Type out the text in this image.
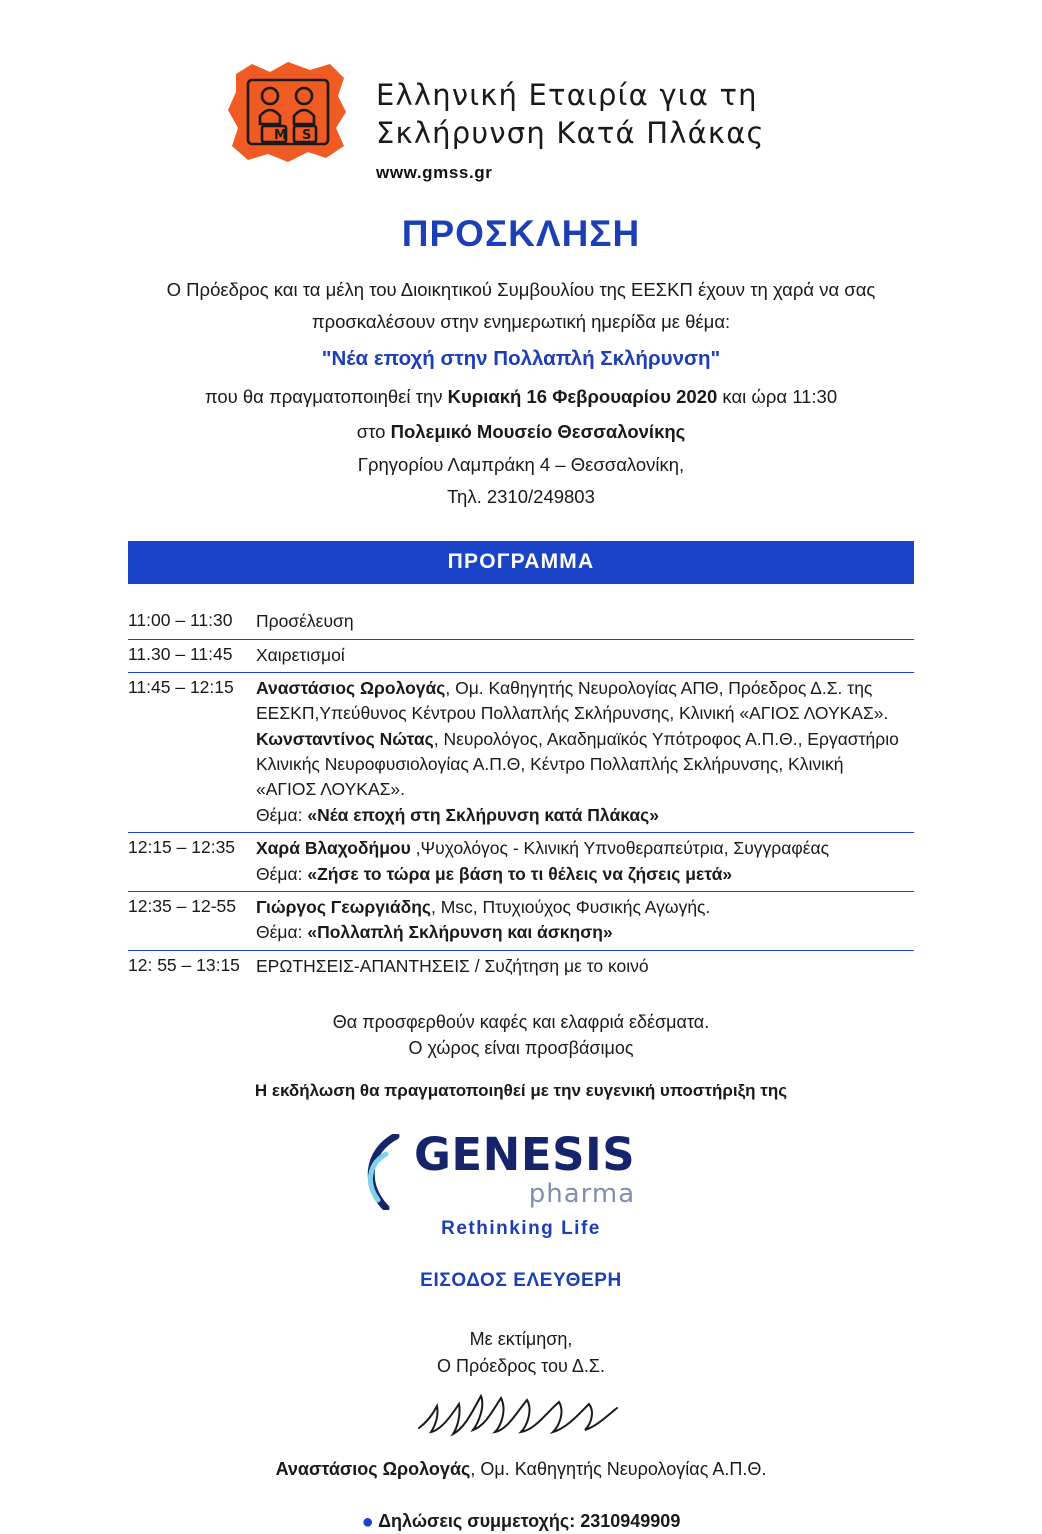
M S
Ελληνική Εταιρία για τη
Σκλήρυνση Κατά Πλάκας
www.gmss.gr
ΠΡΟΣΚΛΗΣΗ

Ο Πρόεδρος και τα μέλη του Διοικητικού Συμβουλίου της ΕΕΣΚΠ έχουν τη χαρά να σας

προσκαλέσουν στην ενημερωτική ημερίδα με θέμα:

"Νέα εποχή στην Πολλαπλή Σκλήρυνση"

που θα πραγματοποιηθεί την Κυριακή 16 Φεβρουαρίου 2020 και ώρα 11:30

στο Πολεμικό Μουσείο Θεσσαλονίκης

Γρηγορίου Λαμπράκη 4 – Θεσσαλονίκη,

Τηλ. 2310/249803

ΠΡΟΓΡΑΜΜΑ
11:00 – 11:30	Προσέλευση
11.30 – 11:45	Χαιρετισμοί
11:45 – 12:15	Αναστάσιος Ωρολογάς, Ομ. Καθηγητής Νευρολογίας ΑΠΘ, Πρόεδρος Δ.Σ. της
ΕΕΣΚΠ,Υπεύθυνος Κέντρου Πολλαπλής Σκλήρυνσης, Κλινική «ΑΓΙΟΣ ΛΟΥΚΑΣ».
Κωνσταντίνος Νώτας, Νευρολόγος, Ακαδημαϊκός Υπότροφος Α.Π.Θ., Εργαστήριο
Κλινικής Νευροφυσιολογίας Α.Π.Θ, Κέντρο Πολλαπλής Σκλήρυνσης, Κλινική
«ΑΓΙΟΣ ΛΟΥΚΑΣ».
Θέμα: «Νέα εποχή στη Σκλήρυνση κατά Πλάκας»
12:15 – 12:35	Χαρά Βλαχοδήμου ,Ψυχολόγος - Κλινική Υπνοθεραπεύτρια, Συγγραφέας
Θέμα: «Ζήσε το τώρα με βάση το τι θέλεις να ζήσεις μετά»
12:35 – 12-55	Γιώργος Γεωργιάδης, Msc, Πτυχιούχος Φυσικής Αγωγής.
Θέμα: «Πολλαπλή Σκλήρυνση και άσκηση»
12: 55 – 13:15 ΕΡΩΤΗΣΕΙΣ-ΑΠΑΝΤΗΣΕΙΣ / Συζήτηση με το κοινό
Θα προσφερθούν καφές και ελαφριά εδέσματα.
Ο χώρος είναι προσβάσιμος
Η εκδήλωση θα πραγματοποιηθεί με την ευγενική υποστήριξη της
GENESIS
pharma
Rethinking Life
ΕΙΣΟΔΟΣ ΕΛΕΥΘΕΡΗ
Με εκτίμηση,
Ο Πρόεδρος του Δ.Σ.
Αναστάσιος Ωρολογάς, Ομ. Καθηγητής Νευρολογίας Α.Π.Θ.
● Δηλώσεις συμμετοχής: 2310949909
